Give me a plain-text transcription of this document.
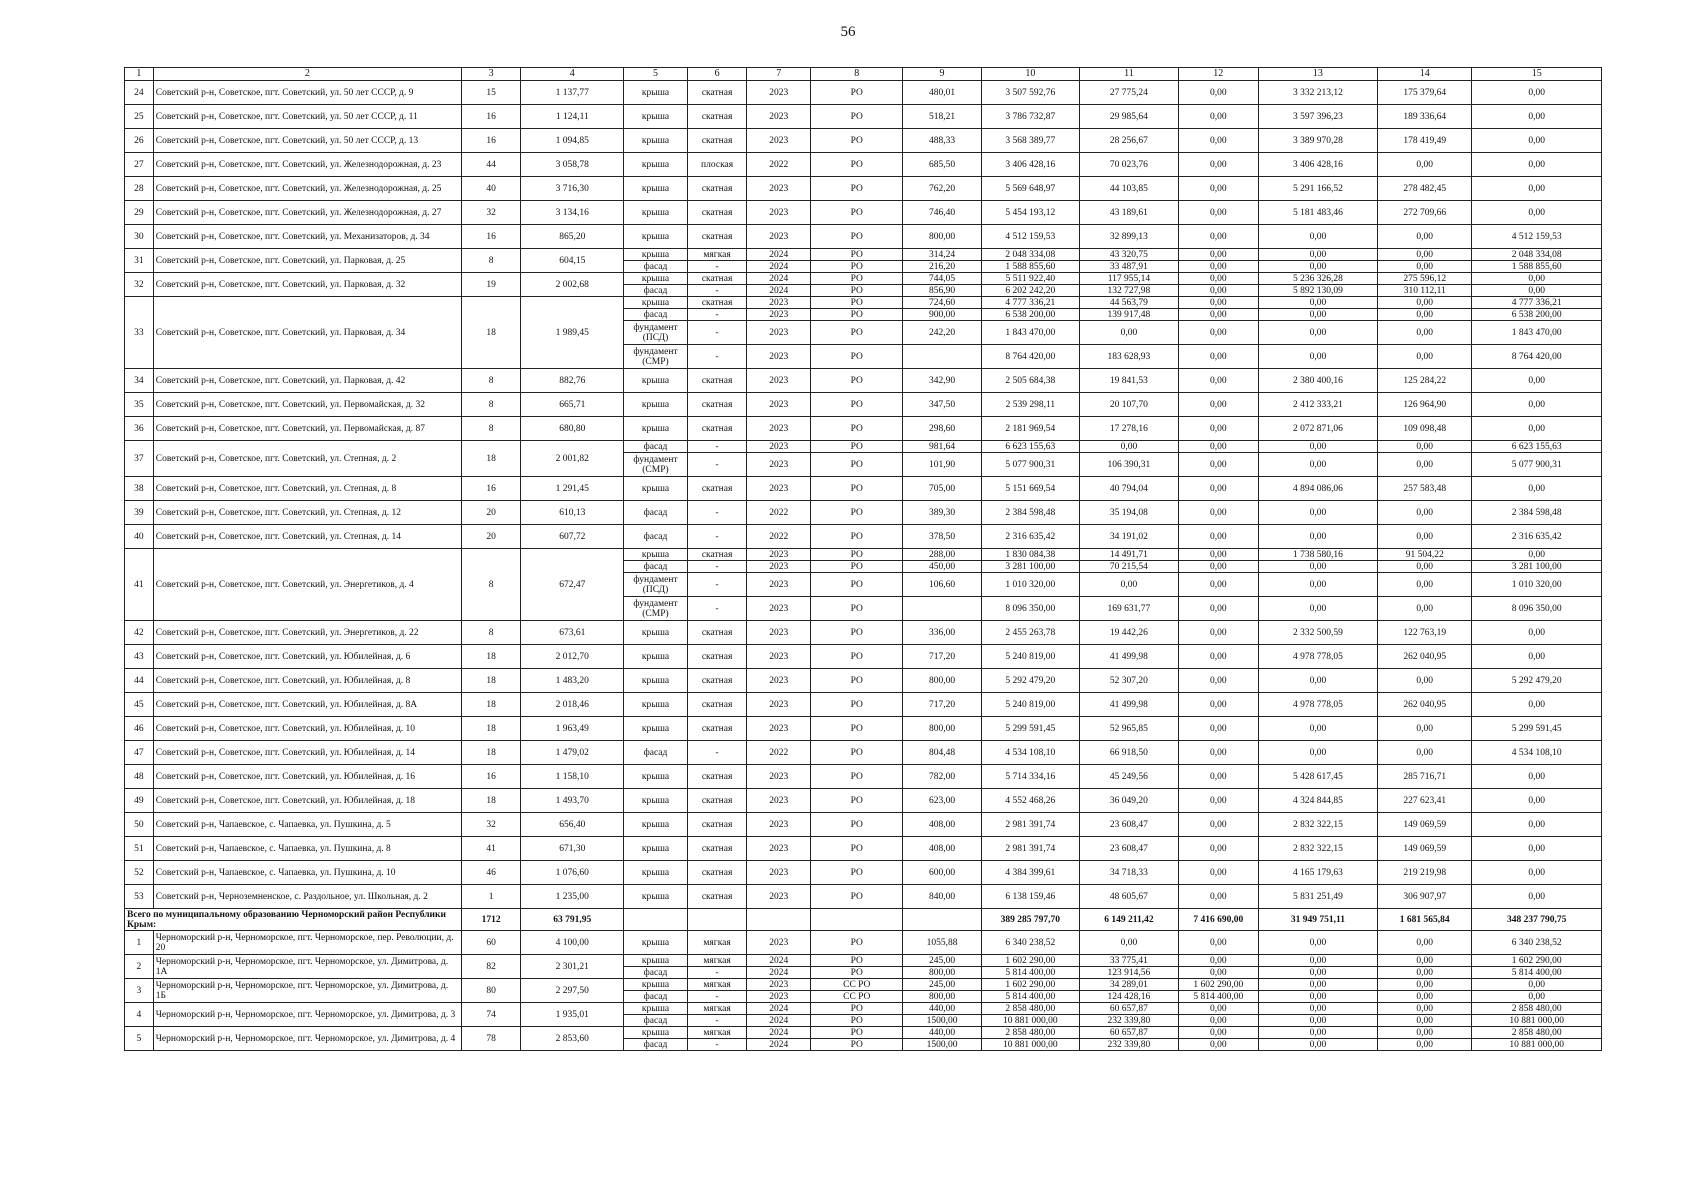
56
1	2	3	4	5	6	7	8	9	10	11	12	13	14	15
24	Советский р-н, Советское, пгт. Советский, ул. 50 лет СССР, д. 9	15	1 137,77	крыша	скатная	2023	РО	480,01	3 507 592,76	27 775,24	0,00	3 332 213,12	175 379,64	0,00
25	Советский р-н, Советское, пгт. Советский, ул. 50 лет СССР, д. 11	16	1 124,11	крыша	скатная	2023	РО	518,21	3 786 732,87	29 985,64	0,00	3 597 396,23	189 336,64	0,00
26	Советский р-н, Советское, пгт. Советский, ул. 50 лет СССР, д. 13	16	1 094,85	крыша	скатная	2023	РО	488,33	3 568 389,77	28 256,67	0,00	3 389 970,28	178 419,49	0,00
27	Советский р-н, Советское, пгт. Советский, ул. Железнодорожная, д. 23	44	3 058,78	крыша	плоская	2022	РО	685,50	3 406 428,16	70 023,76	0,00	3 406 428,16	0,00	0,00
28	Советский р-н, Советское, пгт. Советский, ул. Железнодорожная, д. 25	40	3 716,30	крыша	скатная	2023	РО	762,20	5 569 648,97	44 103,85	0,00	5 291 166,52	278 482,45	0,00
29	Советский р-н, Советское, пгт. Советский, ул. Железнодорожная, д. 27	32	3 134,16	крыша	скатная	2023	РО	746,40	5 454 193,12	43 189,61	0,00	5 181 483,46	272 709,66	0,00
30	Советский р-н, Советское, пгт. Советский, ул. Механизаторов, д. 34	16	865,20	крыша	скатная	2023	РО	800,00	4 512 159,53	32 899,13	0,00	0,00	0,00	4 512 159,53
31	Советский р-н, Советское, пгт. Советский, ул. Парковая, д. 25	8	604,15	крыша	мягкая	2024	РО	314,24	2 048 334,08	43 320,75	0,00	0,00	0,00	2 048 334,08
				фасад	-	2024	РО	216,20	1 588 855,60	33 487,91	0,00	0,00	0,00	1 588 855,60
32	Советский р-н, Советское, пгт. Советский, ул. Парковая, д. 32	19	2 002,68	крыша	скатная	2024	РО	744,05	5 511 922,40	117 955,14	0,00	5 236 326,28	275 596,12	0,00
				фасад	-	2024	РО	856,90	6 202 242,20	132 727,98	0,00	5 892 130,09	310 112,11	0,00
33	Советский р-н, Советское, пгт. Советский, ул. Парковая, д. 34	18	1 989,45	крыша	скатная	2023	РО	724,60	4 777 336,21	44 563,79	0,00	0,00	0,00	4 777 336,21
				фасад	-	2023	РО	900,00	6 538 200,00	139 917,48	0,00	0,00	0,00	6 538 200,00
				фундамент (ПСД)	-	2023	РО	242,20	1 843 470,00	0,00	0,00	0,00	0,00	1 843 470,00
				фундамент (СМР)	-	2023	РО		8 764 420,00	183 628,93	0,00	0,00	0,00	8 764 420,00
34	Советский р-н, Советское, пгт. Советский, ул. Парковая, д. 42	8	882,76	крыша	скатная	2023	РО	342,90	2 505 684,38	19 841,53	0,00	2 380 400,16	125 284,22	0,00
35	Советский р-н, Советское, пгт. Советский, ул. Первомайская, д. 32	8	665,71	крыша	скатная	2023	РО	347,50	2 539 298,11	20 107,70	0,00	2 412 333,21	126 964,90	0,00
36	Советский р-н, Советское, пгт. Советский, ул. Первомайская, д. 87	8	680,80	крыша	скатная	2023	РО	298,60	2 181 969,54	17 278,16	0,00	2 072 871,06	109 098,48	0,00
37	Советский р-н, Советское, пгт. Советский, ул. Степная, д. 2	18	2 001,82	фасад	-	2023	РО	981,64	6 623 155,63	0,00	0,00	0,00	0,00	6 623 155,63
				фундамент (СМР)	-	2023	РО	101,90	5 077 900,31	106 390,31	0,00	0,00	0,00	5 077 900,31
38	Советский р-н, Советское, пгт. Советский, ул. Степная, д. 8	16	1 291,45	крыша	скатная	2023	РО	705,00	5 151 669,54	40 794,04	0,00	4 894 086,06	257 583,48	0,00
39	Советский р-н, Советское, пгт. Советский, ул. Степная, д. 12	20	610,13	фасад	-	2022	РО	389,30	2 384 598,48	35 194,08	0,00	0,00	0,00	2 384 598,48
40	Советский р-н, Советское, пгт. Советский, ул. Степная, д. 14	20	607,72	фасад	-	2022	РО	378,50	2 316 635,42	34 191,02	0,00	0,00	0,00	2 316 635,42
41	Советский р-н, Советское, пгт. Советский, ул. Энергетиков, д. 4	8	672,47	крыша	скатная	2023	РО	288,00	1 830 084,38	14 491,71	0,00	1 738 580,16	91 504,22	0,00
				фасад	-	2023	РО	450,00	3 281 100,00	70 215,54	0,00	0,00	0,00	3 281 100,00
				фундамент (ПСД)	-	2023	РО	106,60	1 010 320,00	0,00	0,00	0,00	0,00	1 010 320,00
				фундамент (СМР)	-	2023	РО		8 096 350,00	169 631,77	0,00	0,00	0,00	8 096 350,00
42	Советский р-н, Советское, пгт. Советский, ул. Энергетиков, д. 22	8	673,61	крыша	скатная	2023	РО	336,00	2 455 263,78	19 442,26	0,00	2 332 500,59	122 763,19	0,00
43	Советский р-н, Советское, пгт. Советский, ул. Юбилейная, д. 6	18	2 012,70	крыша	скатная	2023	РО	717,20	5 240 819,00	41 499,98	0,00	4 978 778,05	262 040,95	0,00
44	Советский р-н, Советское, пгт. Советский, ул. Юбилейная, д. 8	18	1 483,20	крыша	скатная	2023	РО	800,00	5 292 479,20	52 307,20	0,00	0,00	0,00	5 292 479,20
45	Советский р-н, Советское, пгт. Советский, ул. Юбилейная, д. 8А	18	2 018,46	крыша	скатная	2023	РО	717,20	5 240 819,00	41 499,98	0,00	4 978 778,05	262 040,95	0,00
46	Советский р-н, Советское, пгт. Советский, ул. Юбилейная, д. 10	18	1 963,49	крыша	скатная	2023	РО	800,00	5 299 591,45	52 965,85	0,00	0,00	0,00	5 299 591,45
47	Советский р-н, Советское, пгт. Советский, ул. Юбилейная, д. 14	18	1 479,02	фасад	-	2022	РО	804,48	4 534 108,10	66 918,50	0,00	0,00	0,00	4 534 108,10
48	Советский р-н, Советское, пгт. Советский, ул. Юбилейная, д. 16	16	1 158,10	крыша	скатная	2023	РО	782,00	5 714 334,16	45 249,56	0,00	5 428 617,45	285 716,71	0,00
49	Советский р-н, Советское, пгт. Советский, ул. Юбилейная, д. 18	18	1 493,70	крыша	скатная	2023	РО	623,00	4 552 468,26	36 049,20	0,00	4 324 844,85	227 623,41	0,00
50	Советский р-н, Чапаевское, с. Чапаевка, ул. Пушкина, д. 5	32	656,40	крыша	скатная	2023	РО	408,00	2 981 391,74	23 608,47	0,00	2 832 322,15	149 069,59	0,00
51	Советский р-н, Чапаевское, с. Чапаевка, ул. Пушкина, д. 8	41	671,30	крыша	скатная	2023	РО	408,00	2 981 391,74	23 608,47	0,00	2 832 322,15	149 069,59	0,00
52	Советский р-н, Чапаевское, с. Чапаевка, ул. Пушкина, д. 10	46	1 076,60	крыша	скатная	2023	РО	600,00	4 384 399,61	34 718,33	0,00	4 165 179,63	219 219,98	0,00
53	Советский р-н, Черноземненское, с. Раздольное, ул. Школьная, д. 2	1	1 235,00	крыша	скатная	2023	РО	840,00	6 138 159,46	48 605,67	0,00	5 831 251,49	306 907,97	0,00
Всего по муниципальному образованию Черноморский район Республики Крым:		1712	63 791,95						389 285 797,70	6 149 211,42	7 416 690,00	31 949 751,11	1 681 565,84	348 237 790,75
1	Черноморский р-н, Черноморское, пгт. Черноморское, пер. Революции, д. 20	60	4 100,00	крыша	мягкая	2023	РО	1055,88	6 340 238,52	0,00	0,00	0,00	0,00	6 340 238,52
2	Черноморский р-н, Черноморское, пгт. Черноморское, ул. Димитрова, д. 1А	82	2 301,21	крыша	мягкая	2024	РО	245,00	1 602 290,00	33 775,41	0,00	0,00	0,00	1 602 290,00
				фасад	-	2024	РО	800,00	5 814 400,00	123 914,56	0,00	0,00	0,00	5 814 400,00
3	Черноморский р-н, Черноморское, пгт. Черноморское, ул. Димитрова, д. 1Б	80	2 297,50	крыша	мягкая	2023	СС РО	245,00	1 602 290,00	34 289,01	1 602 290,00	0,00	0,00	0,00
				фасад	-	2023	СС РО	800,00	5 814 400,00	124 428,16	5 814 400,00	0,00	0,00	0,00
4	Черноморский р-н, Черноморское, пгт. Черноморское, ул. Димитрова, д. 3	74	1 935,01	крыша	мягкая	2024	РО	440,00	2 858 480,00	60 657,87	0,00	0,00	0,00	2 858 480,00
				фасад	-	2024	РО	1500,00	10 881 000,00	232 339,80	0,00	0,00	0,00	10 881 000,00
5	Черноморский р-н, Черноморское, пгт. Черноморское, ул. Димитрова, д. 4	78	2 853,60	крыша	мягкая	2024	РО	440,00	2 858 480,00	60 657,87	0,00	0,00	0,00	2 858 480,00
				фасад	-	2024	РО	1500,00	10 881 000,00	232 339,80	0,00	0,00	0,00	10 881 000,00
